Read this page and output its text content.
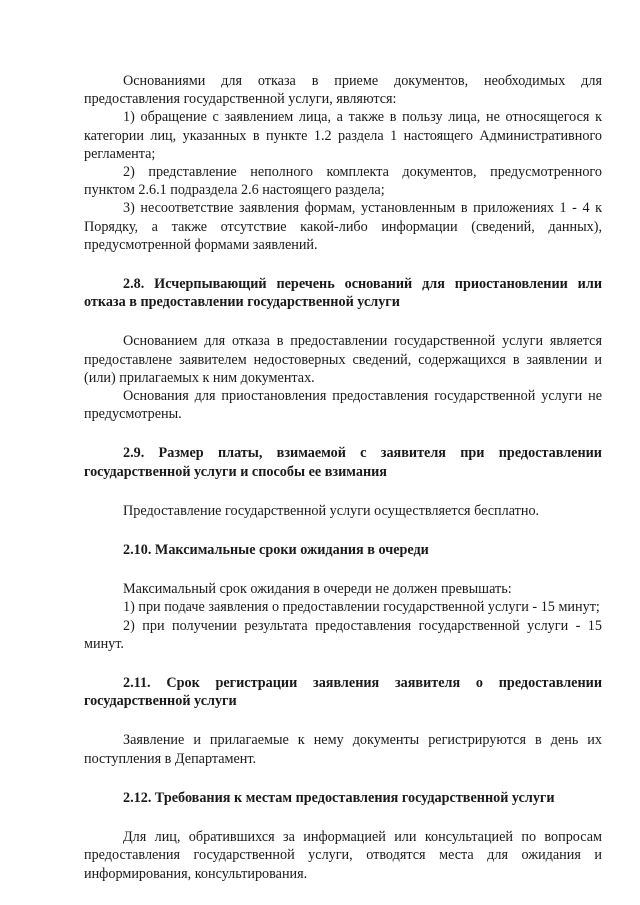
Основаниями для отказа в приеме документов, необходимых для предоставления государственной услуги, являются:

1) обращение с заявлением лица, а также в пользу лица, не относящегося к категории лиц, указанных в пункте 1.2 раздела 1 настоящего Административного регламента;

2) представление неполного комплекта документов, предусмотренного пунктом 2.6.1 подраздела 2.6 настоящего раздела;

3) несоответствие заявления формам, установленным в приложениях 1 - 4 к Порядку, а также отсутствие какой-либо информации (сведений, данных), предусмотренной формами заявлений.

2.8. Исчерпывающий перечень оснований для приостановлении или отказа в предоставлении государственной услуги

Основанием для отказа в предоставлении государственной услуги является предоставлене заявителем недостоверных сведений, содержащихся в заявлении и (или) прилагаемых к ним документах.

Основания для приостановления предоставления государственной услуги не предусмотрены.

2.9. Размер платы, взимаемой с заявителя при предоставлении государственной услуги и способы ее взимания

Предоставление государственной услуги осуществляется бесплатно.

2.10. Максимальные сроки ожидания в очереди

Максимальный срок ожидания в очереди не должен превышать:

1) при подаче заявления о предоставлении государственной услуги - 15 минут;

2) при получении результата предоставления государственной услуги - 15 минут.

2.11. Срок регистрации заявления заявителя о предоставлении государственной услуги

Заявление и прилагаемые к нему документы регистрируются в день их поступления в Департамент.

2.12. Требования к местам предоставления государственной услуги

Для лиц, обратившихся за информацией или консультацией по вопросам предоставления государственной услуги, отводятся места для ожидания и информирования, консультирования.
